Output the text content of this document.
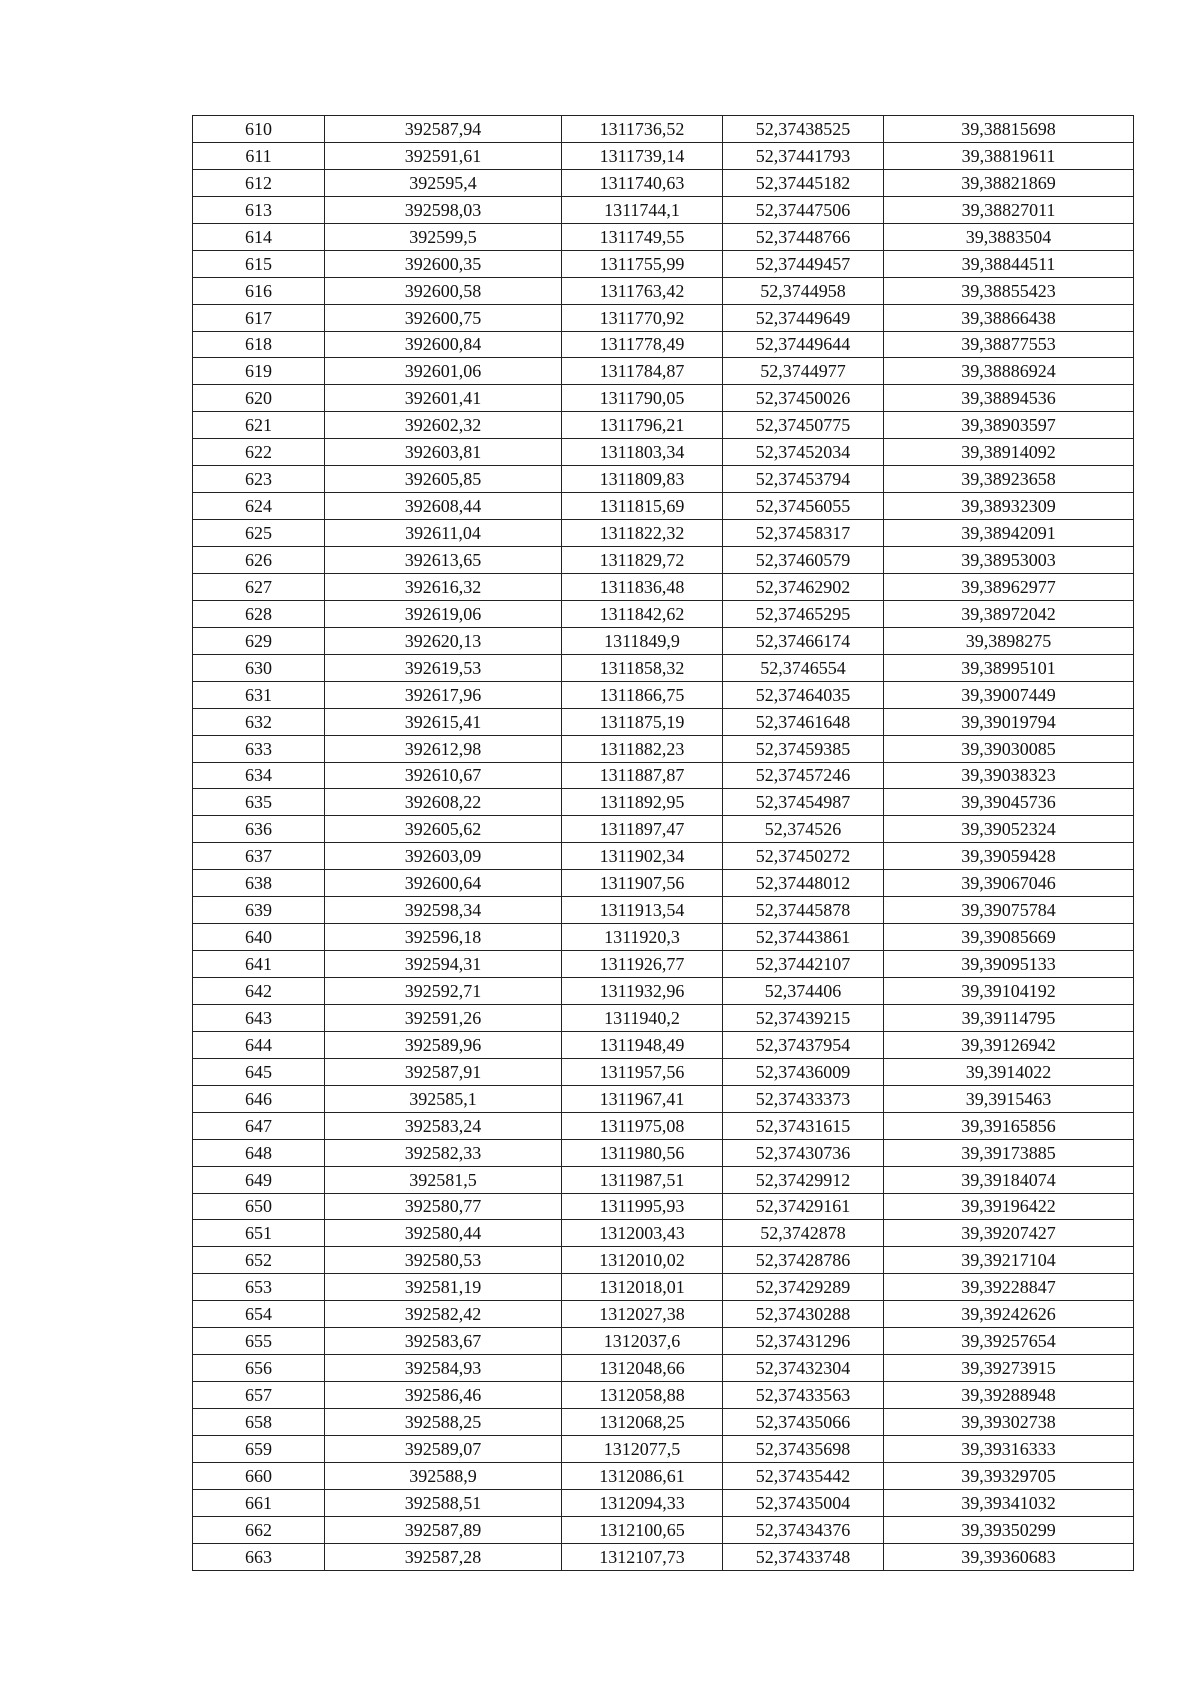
610	392587,94	1311736,52	52,37438525	39,38815698
611	392591,61	1311739,14	52,37441793	39,38819611
612	392595,4	1311740,63	52,37445182	39,38821869
613	392598,03	1311744,1	52,37447506	39,38827011
614	392599,5	1311749,55	52,37448766	39,3883504
615	392600,35	1311755,99	52,37449457	39,38844511
616	392600,58	1311763,42	52,3744958	39,38855423
617	392600,75	1311770,92	52,37449649	39,38866438
618	392600,84	1311778,49	52,37449644	39,38877553
619	392601,06	1311784,87	52,3744977	39,38886924
620	392601,41	1311790,05	52,37450026	39,38894536
621	392602,32	1311796,21	52,37450775	39,38903597
622	392603,81	1311803,34	52,37452034	39,38914092
623	392605,85	1311809,83	52,37453794	39,38923658
624	392608,44	1311815,69	52,37456055	39,38932309
625	392611,04	1311822,32	52,37458317	39,38942091
626	392613,65	1311829,72	52,37460579	39,38953003
627	392616,32	1311836,48	52,37462902	39,38962977
628	392619,06	1311842,62	52,37465295	39,38972042
629	392620,13	1311849,9	52,37466174	39,3898275
630	392619,53	1311858,32	52,3746554	39,38995101
631	392617,96	1311866,75	52,37464035	39,39007449
632	392615,41	1311875,19	52,37461648	39,39019794
633	392612,98	1311882,23	52,37459385	39,39030085
634	392610,67	1311887,87	52,37457246	39,39038323
635	392608,22	1311892,95	52,37454987	39,39045736
636	392605,62	1311897,47	52,374526	39,39052324
637	392603,09	1311902,34	52,37450272	39,39059428
638	392600,64	1311907,56	52,37448012	39,39067046
639	392598,34	1311913,54	52,37445878	39,39075784
640	392596,18	1311920,3	52,37443861	39,39085669
641	392594,31	1311926,77	52,37442107	39,39095133
642	392592,71	1311932,96	52,374406	39,39104192
643	392591,26	1311940,2	52,37439215	39,39114795
644	392589,96	1311948,49	52,37437954	39,39126942
645	392587,91	1311957,56	52,37436009	39,3914022
646	392585,1	1311967,41	52,37433373	39,3915463
647	392583,24	1311975,08	52,37431615	39,39165856
648	392582,33	1311980,56	52,37430736	39,39173885
649	392581,5	1311987,51	52,37429912	39,39184074
650	392580,77	1311995,93	52,37429161	39,39196422
651	392580,44	1312003,43	52,3742878	39,39207427
652	392580,53	1312010,02	52,37428786	39,39217104
653	392581,19	1312018,01	52,37429289	39,39228847
654	392582,42	1312027,38	52,37430288	39,39242626
655	392583,67	1312037,6	52,37431296	39,39257654
656	392584,93	1312048,66	52,37432304	39,39273915
657	392586,46	1312058,88	52,37433563	39,39288948
658	392588,25	1312068,25	52,37435066	39,39302738
659	392589,07	1312077,5	52,37435698	39,39316333
660	392588,9	1312086,61	52,37435442	39,39329705
661	392588,51	1312094,33	52,37435004	39,39341032
662	392587,89	1312100,65	52,37434376	39,39350299
663	392587,28	1312107,73	52,37433748	39,39360683
